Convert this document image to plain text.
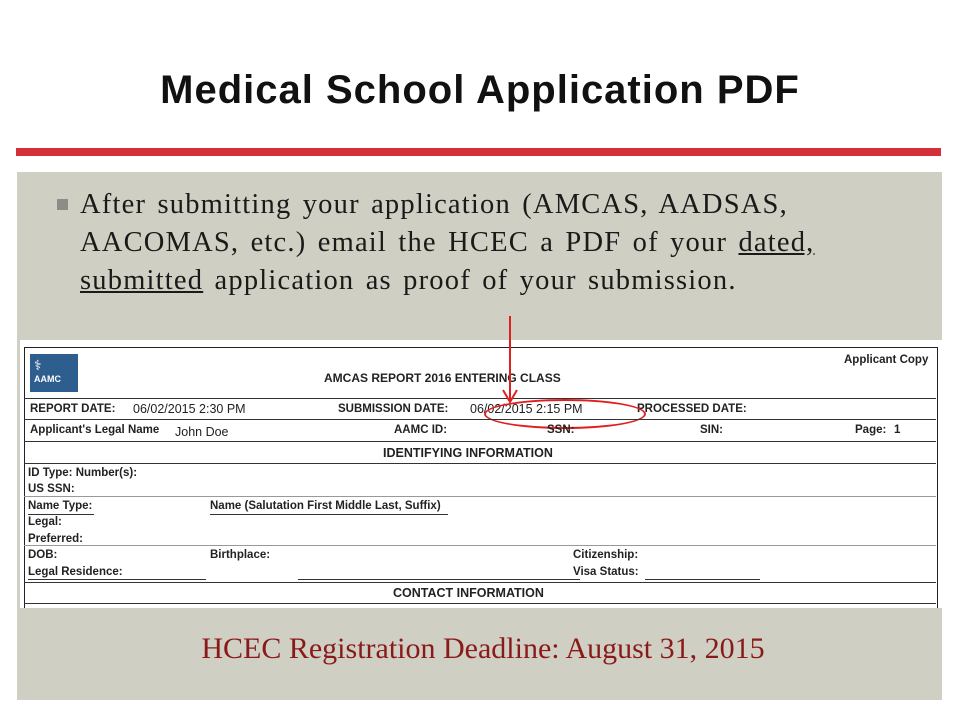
Medical School Application PDF
After submitting your application (AMCAS, AADSAS, AACOMAS, etc.) email the HCEC a PDF of your dated, submitted application as proof of your submission.
⚕
AAMC	AMCAS REPORT 2016 ENTERING CLASS
Applicant Copy
REPORT DATE: 06/02/2015 2:30 PM	SUBMISSION DATE: 06/02/2015 2:15 PM	PROCESSED DATE:
Applicant's Legal Name John Doe	AAMC ID:	SSN:	SIN:	Page: 1
IDENTIFYING INFORMATION
ID Type: Number(s):
US SSN:
Name Type:	Name (Salutation First Middle Last, Suffix)
Legal:
Preferred:
DOB:	Birthplace:	Citizenship:
Legal Residence:	Visa Status:
CONTACT INFORMATION
HCEC Registration Deadline: August 31, 2015
